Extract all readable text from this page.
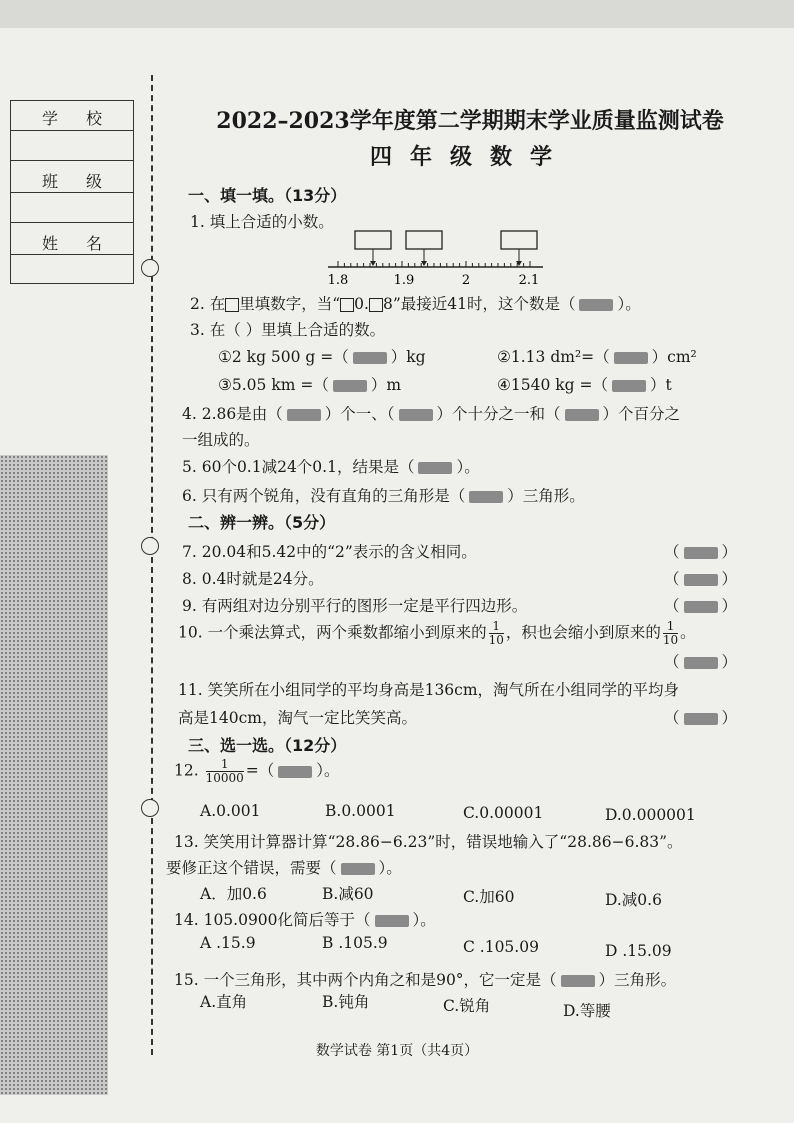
学校
班级
姓名
2022–2023学年度第二学期期末学业质量监测试卷
四年级数学
一、填一填。（13分）
1. 填上合适的小数。
1.8	1.9	2	2.1
2. 在 里填数字，当“ 0. 8”最接近41时，这个数是（	）。
3. 在（ ）里填上合适的数。
①2 kg 500 g =（	）kg	②1.13 dm²=（	）cm²
③5.05 km =（	）m	④1540 kg =（	）t
4. 2.86是由（	）个一、（	）个十分之一和（	）个百分之
一组成的。
5. 60个0.1减24个0.1，结果是（	）。
6. 只有两个锐角，没有直角的三角形是（	）三角形。
二、辨一辨。（5分）
7. 20.04和5.42中的“2”表示的含义相同。	（	）
8. 0.4时就是24分。	（	）
9. 有两组对边分别平行的图形一定是平行四边形。	（	）
10. 一个乘法算式，两个乘数都缩小到原来的 $\frac{1}{10}$ ，积也会缩小到原来的 $\frac{1}{10}$ 。
（	）
11. 笑笑所在小组同学的平均身高是136cm，淘气所在小组同学的平均身
高是140cm，淘气一定比笑笑高。	（	）
三、选一选。（12分）
12. $\frac{1}{10000}$ =（	）。
A.0.001	B.0.0001	C.0.00001	D.0.000001
13. 笑笑用计算器计算“28.86−6.23”时，错误地输入了“28.86−6.83”。
要修正这个错误，需要（	）。
A．加0.6	B.减60	C.加60	D.减0.6
14. 105.0900化简后等于（	）。
A .15.9	B .105.9	C .105.09	D .15.09
15. 一个三角形，其中两个内角之和是90°，它一定是（	）三角形。
A.直角	B.钝角	C.锐角	D.等腰
数学试卷 第1页（共4页）
